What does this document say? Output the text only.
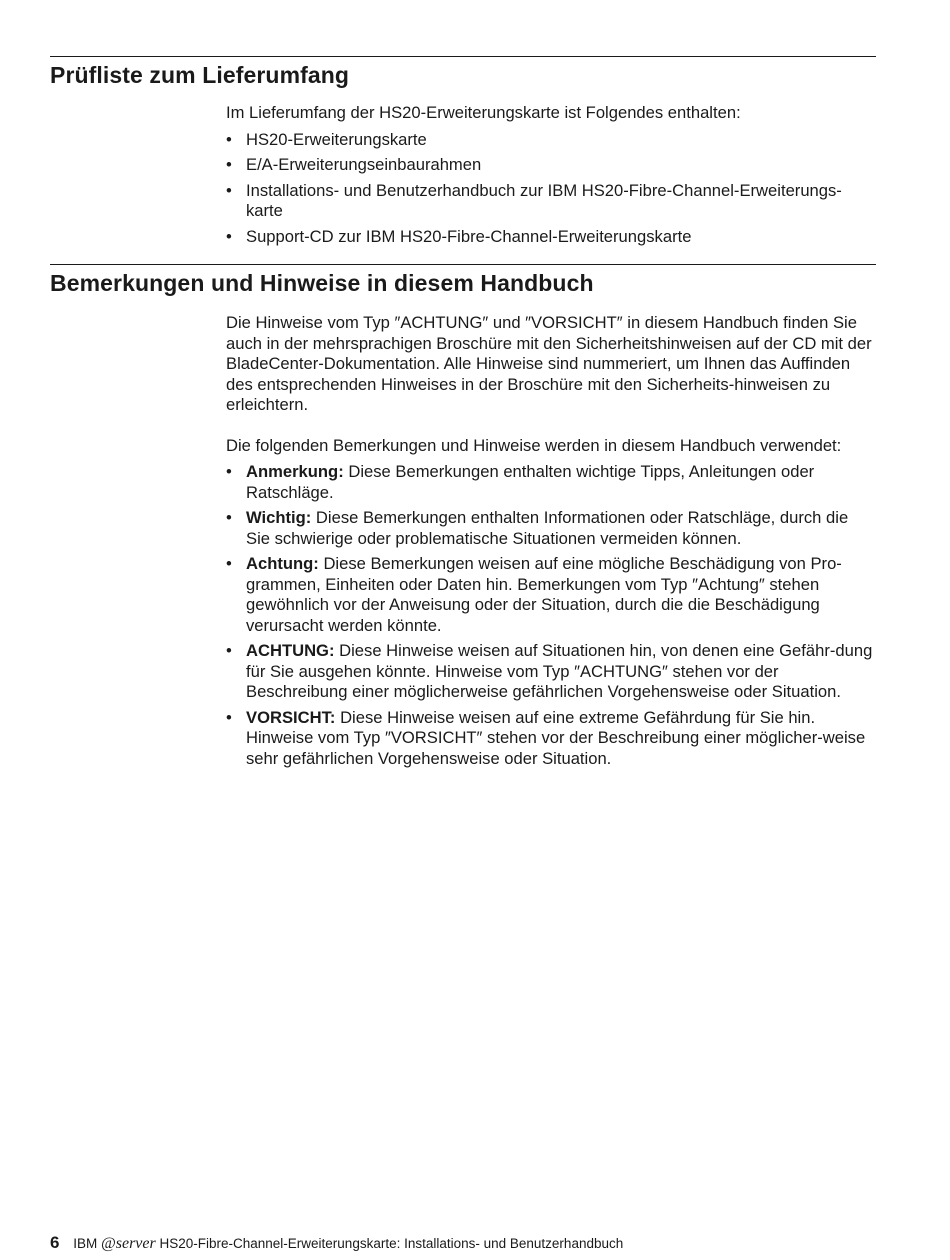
Prüfliste zum Lieferumfang

Im Lieferumfang der HS20-Erweiterungskarte ist Folgendes enthalten:

• HS20-Erweiterungskarte
• E/A-Erweiterungseinbaurahmen
• Installations- und Benutzerhandbuch zur IBM HS20-Fibre-Channel-Erweiterungs-karte
• Support-CD zur IBM HS20-Fibre-Channel-Erweiterungskarte
Bemerkungen und Hinweise in diesem Handbuch

Die Hinweise vom Typ ″ACHTUNG″ und ″VORSICHT″ in diesem Handbuch finden Sie auch in der mehrsprachigen Broschüre mit den Sicherheitshinweisen auf der CD mit der BladeCenter-Dokumentation. Alle Hinweise sind nummeriert, um Ihnen das Auffinden des entsprechenden Hinweises in der Broschüre mit den Sicherheits-hinweisen zu erleichtern.

Die folgenden Bemerkungen und Hinweise werden in diesem Handbuch verwendet:

• Anmerkung: Diese Bemerkungen enthalten wichtige Tipps, Anleitungen oder Ratschläge.
• Wichtig: Diese Bemerkungen enthalten Informationen oder Ratschläge, durch die Sie schwierige oder problematische Situationen vermeiden können.
• Achtung: Diese Bemerkungen weisen auf eine mögliche Beschädigung von Pro-grammen, Einheiten oder Daten hin. Bemerkungen vom Typ ″Achtung″ stehen gewöhnlich vor der Anweisung oder der Situation, durch die die Beschädigung verursacht werden könnte.
• ACHTUNG: Diese Hinweise weisen auf Situationen hin, von denen eine Gefähr-dung für Sie ausgehen könnte. Hinweise vom Typ ″ACHTUNG″ stehen vor der Beschreibung einer möglicherweise gefährlichen Vorgehensweise oder Situation.
• VORSICHT: Diese Hinweise weisen auf eine extreme Gefährdung für Sie hin. Hinweise vom Typ ″VORSICHT″ stehen vor der Beschreibung einer möglicher-weise sehr gefährlichen Vorgehensweise oder Situation.
6 IBM @server HS20-Fibre-Channel-Erweiterungskarte: Installations- und Benutzerhandbuch
